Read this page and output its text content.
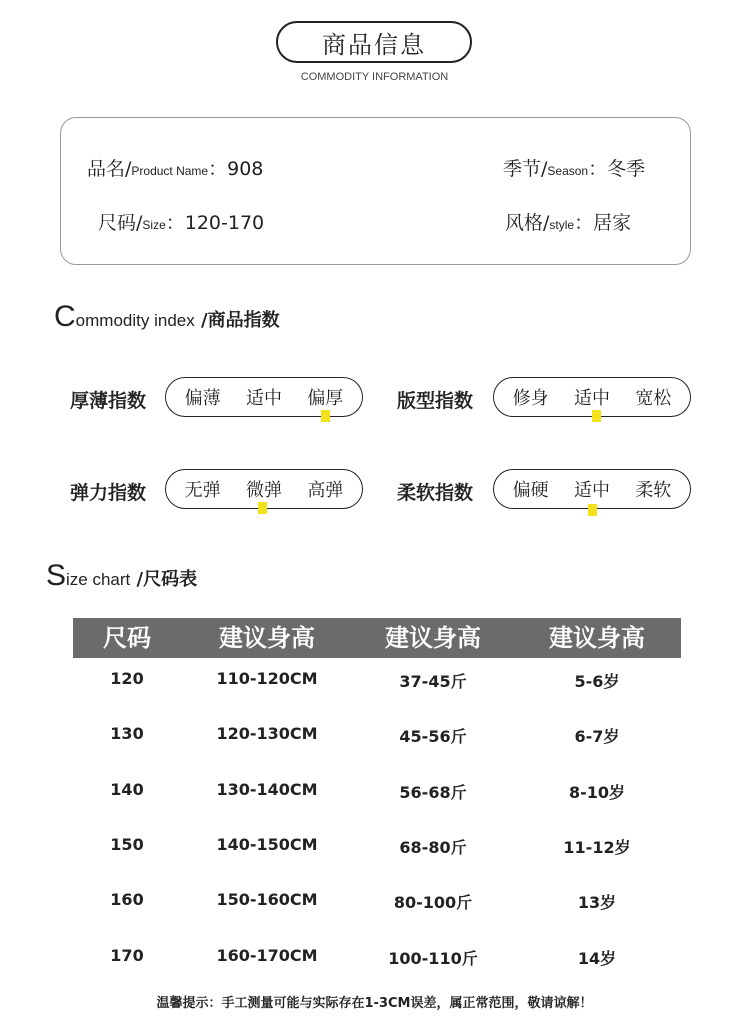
商品信息
COMMODITY INFORMATION
品名/Product Name：908	季节/Season：冬季
尺码/Size：120-170	风格/style：居家
Commodity index /商品指数
厚薄指数 偏薄 适中 偏厚	版型指数 修身 适中 宽松
弹力指数 无弹 微弹 高弹	柔软指数 偏硬 适中 柔软
Size chart /尺码表
尺码	建议身高	建议身高	建议身高
120	110-120CM	37-45斤	5-6岁
130	120-130CM	45-56斤	6-7岁
140	130-140CM	56-68斤	8-10岁
150	140-150CM	68-80斤	11-12岁
160	150-160CM	80-100斤	13岁
170	160-170CM	100-110斤	14岁
温馨提示：手工测量可能与实际存在1-3CM误差，属正常范围，敬请谅解！
